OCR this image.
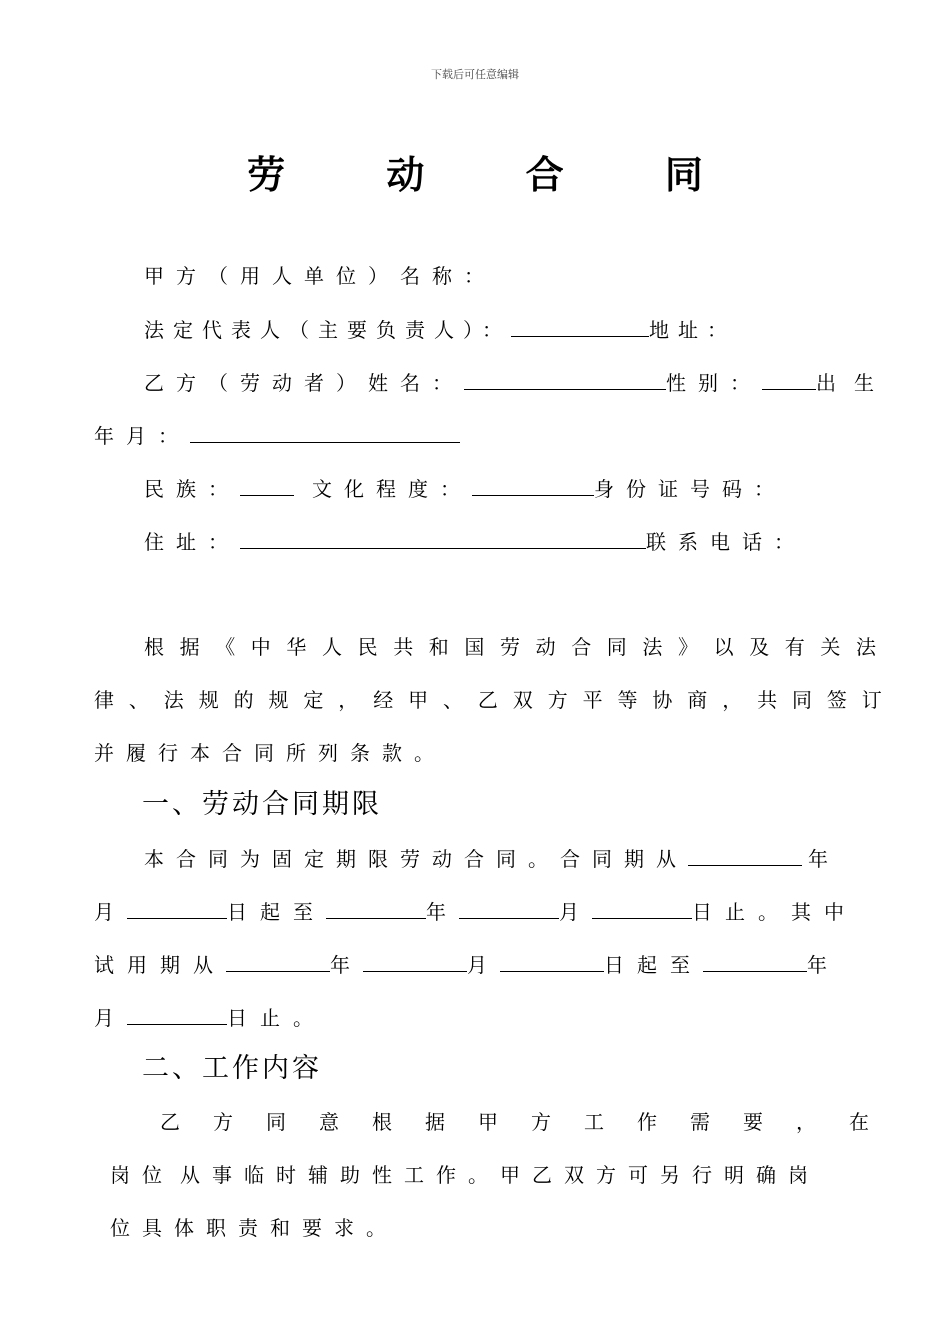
下载后可任意编辑
劳 动 合 同
甲方（用人单位）名称：
法定代表人（主要负责人）：	地址：
乙方（劳动者）姓名：	性别：	出生
年月：
民族：	文化程度：	身份证号码：
住址：	联系电话：
根据《中华人民共和国劳动合同法》以及有关法
律、法规的规定，经甲、乙双方平等协商，共同签订
并履行本合同所列条款。
一、劳动合同期限
本合同为固定期限劳动合同。合同期从	年
月	日起至	年	月	日止。其中
试用期从	年	月	日起至	年
月	日止。
二、工作内容
乙方同意根据甲方工作需要，在
岗位 从事临时辅助性工作。甲乙双方可另行明确岗
位具体职责和要求。
